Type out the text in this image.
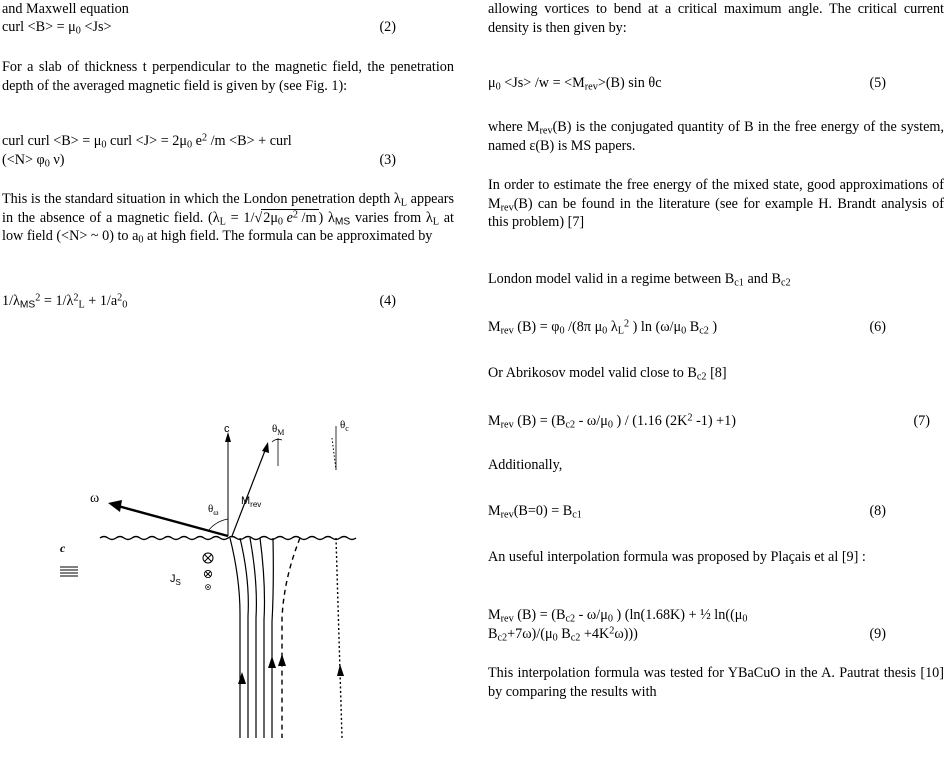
and Maxwell equation

curl $<B> = \mu_0 <Js>$	(2)

For a slab of thickness t perpendicular to the magnetic field, the penetration depth of the averaged magnetic field is given by (see Fig. 1):

curl curl $<B> = \mu_0$ curl $<J> = 2\mu_0$ $e^2$ /m <B> + curl
($<N> \varphi_0$ ν)	(3)

This is the standard situation in which the London penetration depth $\lambda_L$ appears in the absence of a magnetic field. ($\lambda_L = 1/√2\mu_0$ $e^2$ /m ) $\lambda_{MS}$ varies from $\lambda_L$ at low field (<N> ~ 0) to $a_0$ at high field. The formula can be approximated by

$1/\lambda_{MS}^2 = 1/\lambda^2_L + 1/a^2_0$	(4)
ω
$\theta_\omega$
c	$\theta_M$
$M_{rev}$
$\theta_c$
$J_S$
c

allowing vortices to bend at a critical maximum angle. The critical current density is then given by:

$\mu_0 <Js> /w = <M_{rev}>(B)$ sin θc	(5)

where $M_{rev}(B)$ is the conjugated quantity of B in the free energy of the system, named ε(B) is MS papers.

In order to estimate the free energy of the mixed state, good approximations of $M_{rev}(B)$ can be found in the literature (see for example H. Brandt analysis of this problem) [7]

London model valid in a regime between $B_{c1}$ and $B_{c2}$

$M_{rev}$ $(B) = \varphi_0$ /(8π $\mu_0$ $\lambda_L^2$ ) $\ln (\omega/\mu_0$ $B_{c2}$ )	(6)

Or Abrikosov model valid close to $B_{c2}$ [8]

$M_{rev}$ $(B) = (B_{c2} - \omega/\mu_0$ ) / (1.16 ($2K^2$ -1) +1)	(7)

Additionally,

$M_{rev}(B=0) = B_{c1}$	(8)

An useful interpolation formula was proposed by Plaçais et al [9] :

$M_{rev}$ $(B) = (B_{c2} - \omega/\mu_0$ ) (ln(1.68K) + ½ $\ln((\mu_0$
$B_{c2}+7\omega)/(\mu_0$ $B_{c2} +4K^2\omega$)))	(9)

This interpolation formula was tested for YBaCuO in the A. Pautrat thesis [10] by comparing the results with
